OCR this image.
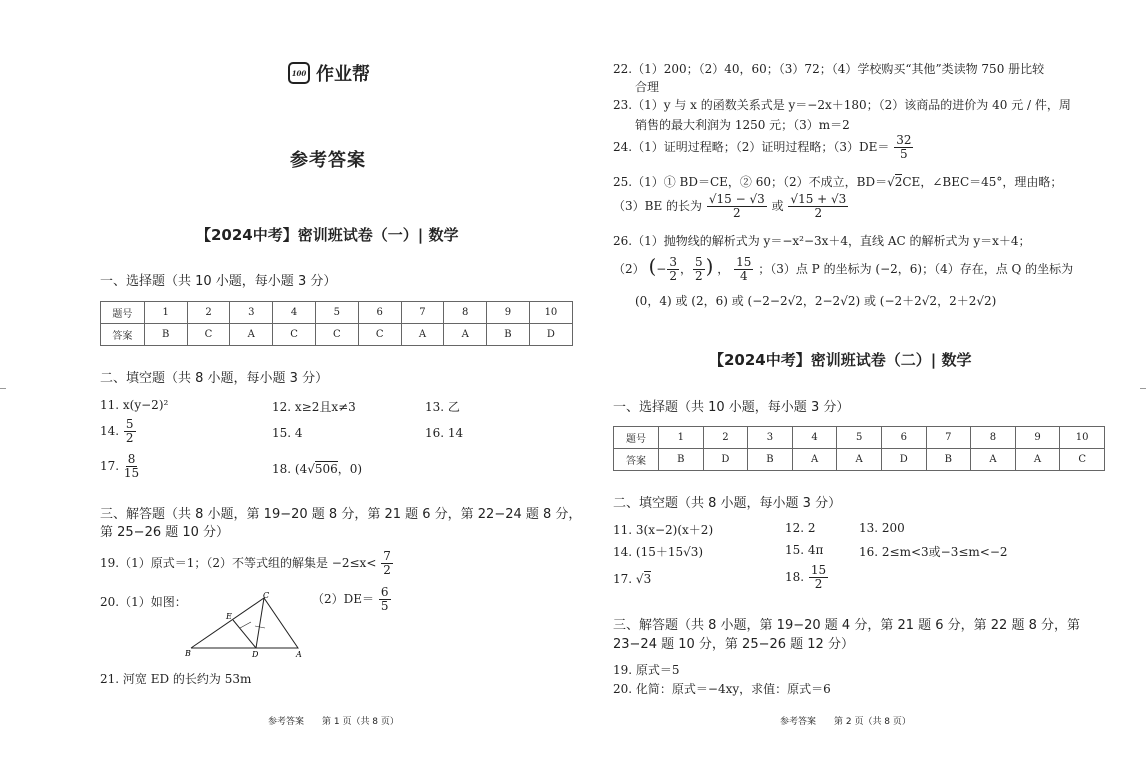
100 作业帮
参考答案
【2024中考】密训班试卷（一）| 数学
一、选择题（共 10 小题，每小题 3 分）
题号	1	2	3	4	5	6	7	8	9	10
答案	B	C	A	C	C	C	A	A	B	D
二、填空题（共 8 小题，每小题 3 分）
11. x(y−2)²	12. x≥2且x≠3	13. 乙
14. $\frac{5}{2}$	15. 4	16. 14
17. $\frac{8}{15}$	18. (4√506，0)
三、解答题（共 8 小题，第 19−20 题 8 分，第 21 题 6 分，第 22−24 题 8 分，
第 25−26 题 10 分）
19.（1）原式＝1；（2）不等式组的解集是 $-2\le x< \frac{7}{2}$
20.（1）如图：	$(2)DE= \frac{6}{5}$
B	D	A
E
C
21. 河宽 ED 的长约为 53m
参考答案　　第 1 页（共 8 页）
22.（1）200；（2）40，60；（3）72；（4）学校购买“其他”类读物 750 册比较
合理
23.（1）y 与 x 的函数关系式是 y＝−2x＋180；（2）该商品的进价为 40 元 / 件，周
销售的最大利润为 1250 元；（3）m＝2
24.（1）证明过程略；（2）证明过程略；$(3)DE= \frac{32}{5}$
25.（1）① BD＝CE，② 60；（2）不成立，BD＝√2CE，∠BEC＝45°，理由略；
（3）BE 的长为 $\frac{√15 - √3}{2}$ 或 $\frac{√15 + √3}{2}$
26.（1）抛物线的解析式为 y＝−x²−3x＋4，直线 AC 的解析式为 y＝x＋4；
（2） (− $\frac{3}{2}$ ， $\frac{5}{2}$ ) ， $\frac{15}{4}$ ；（3）点 P 的坐标为 (−2，6)；（4）存在，点 Q 的坐标为
(0，4) 或 (2，6) 或 (−2−2√2，2−2√2) 或 (−2＋2√2，2＋2√2)
【2024中考】密训班试卷（二）| 数学
一、选择题（共 10 小题，每小题 3 分）
题号	1	2	3	4	5	6	7	8	9	10
答案	B	D	B	A	A	D	B	A	A	C
二、填空题（共 8 小题，每小题 3 分）
11. 3(x−2)(x＋2)	12. 2	13. 200
14. (15＋15√3)	15. 4π	16. 2≤m<3或−3≤m<−2
17. √3	18. $\frac{15}{2}$
三、解答题（共 8 小题，第 19−20 题 4 分，第 21 题 6 分，第 22 题 8 分，第
23−24 题 10 分，第 25−26 题 12 分）
19. 原式＝5
20. 化简：原式＝−4xy，求值：原式＝6
参考答案　　第 2 页（共 8 页）
